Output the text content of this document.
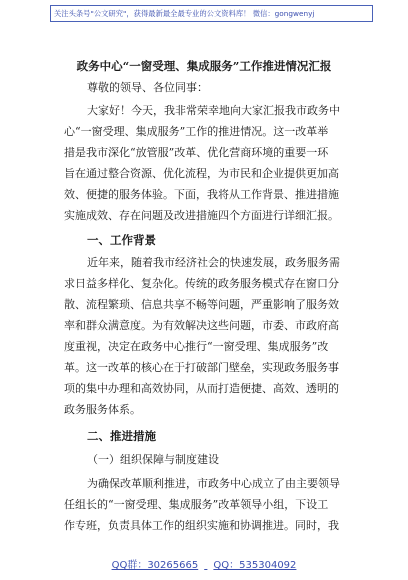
关注头条号"公文研究"，获得最新最全最专业的公文资料库！ 微信：gongwenyj
政务中心“一窗受理、集成服务”工作推进情况汇报
尊敬的领导、各位同事：
大家好！今天，我非常荣幸地向大家汇报我市政务中
心“一窗受理、集成服务”工作的推进情况。这一改革举
措是我市深化“放管服”改革、优化营商环境的重要一环
旨在通过整合资源、优化流程，为市民和企业提供更加高
效、便捷的服务体验。下面，我将从工作背景、推进措施
实施成效、存在问题及改进措施四个方面进行详细汇报。
一、工作背景
近年来，随着我市经济社会的快速发展，政务服务需
求日益多样化、复杂化。传统的政务服务模式存在窗口分
散、流程繁琐、信息共享不畅等问题，严重影响了服务效
率和群众满意度。为有效解决这些问题，市委、市政府高
度重视，决定在政务中心推行“一窗受理、集成服务”改
革。这一改革的核心在于打破部门壁垒，实现政务服务事
项的集中办理和高效协同，从而打造便捷、高效、透明的
政务服务体系。
二、推进措施
（一）组织保障与制度建设
为确保改革顺利推进，市政务中心成立了由主要领导
任组长的“一窗受理、集成服务”改革领导小组，下设工
作专班，负责具体工作的组织实施和协调推进。同时，我
QQ群：30265665 QQ：535304092
